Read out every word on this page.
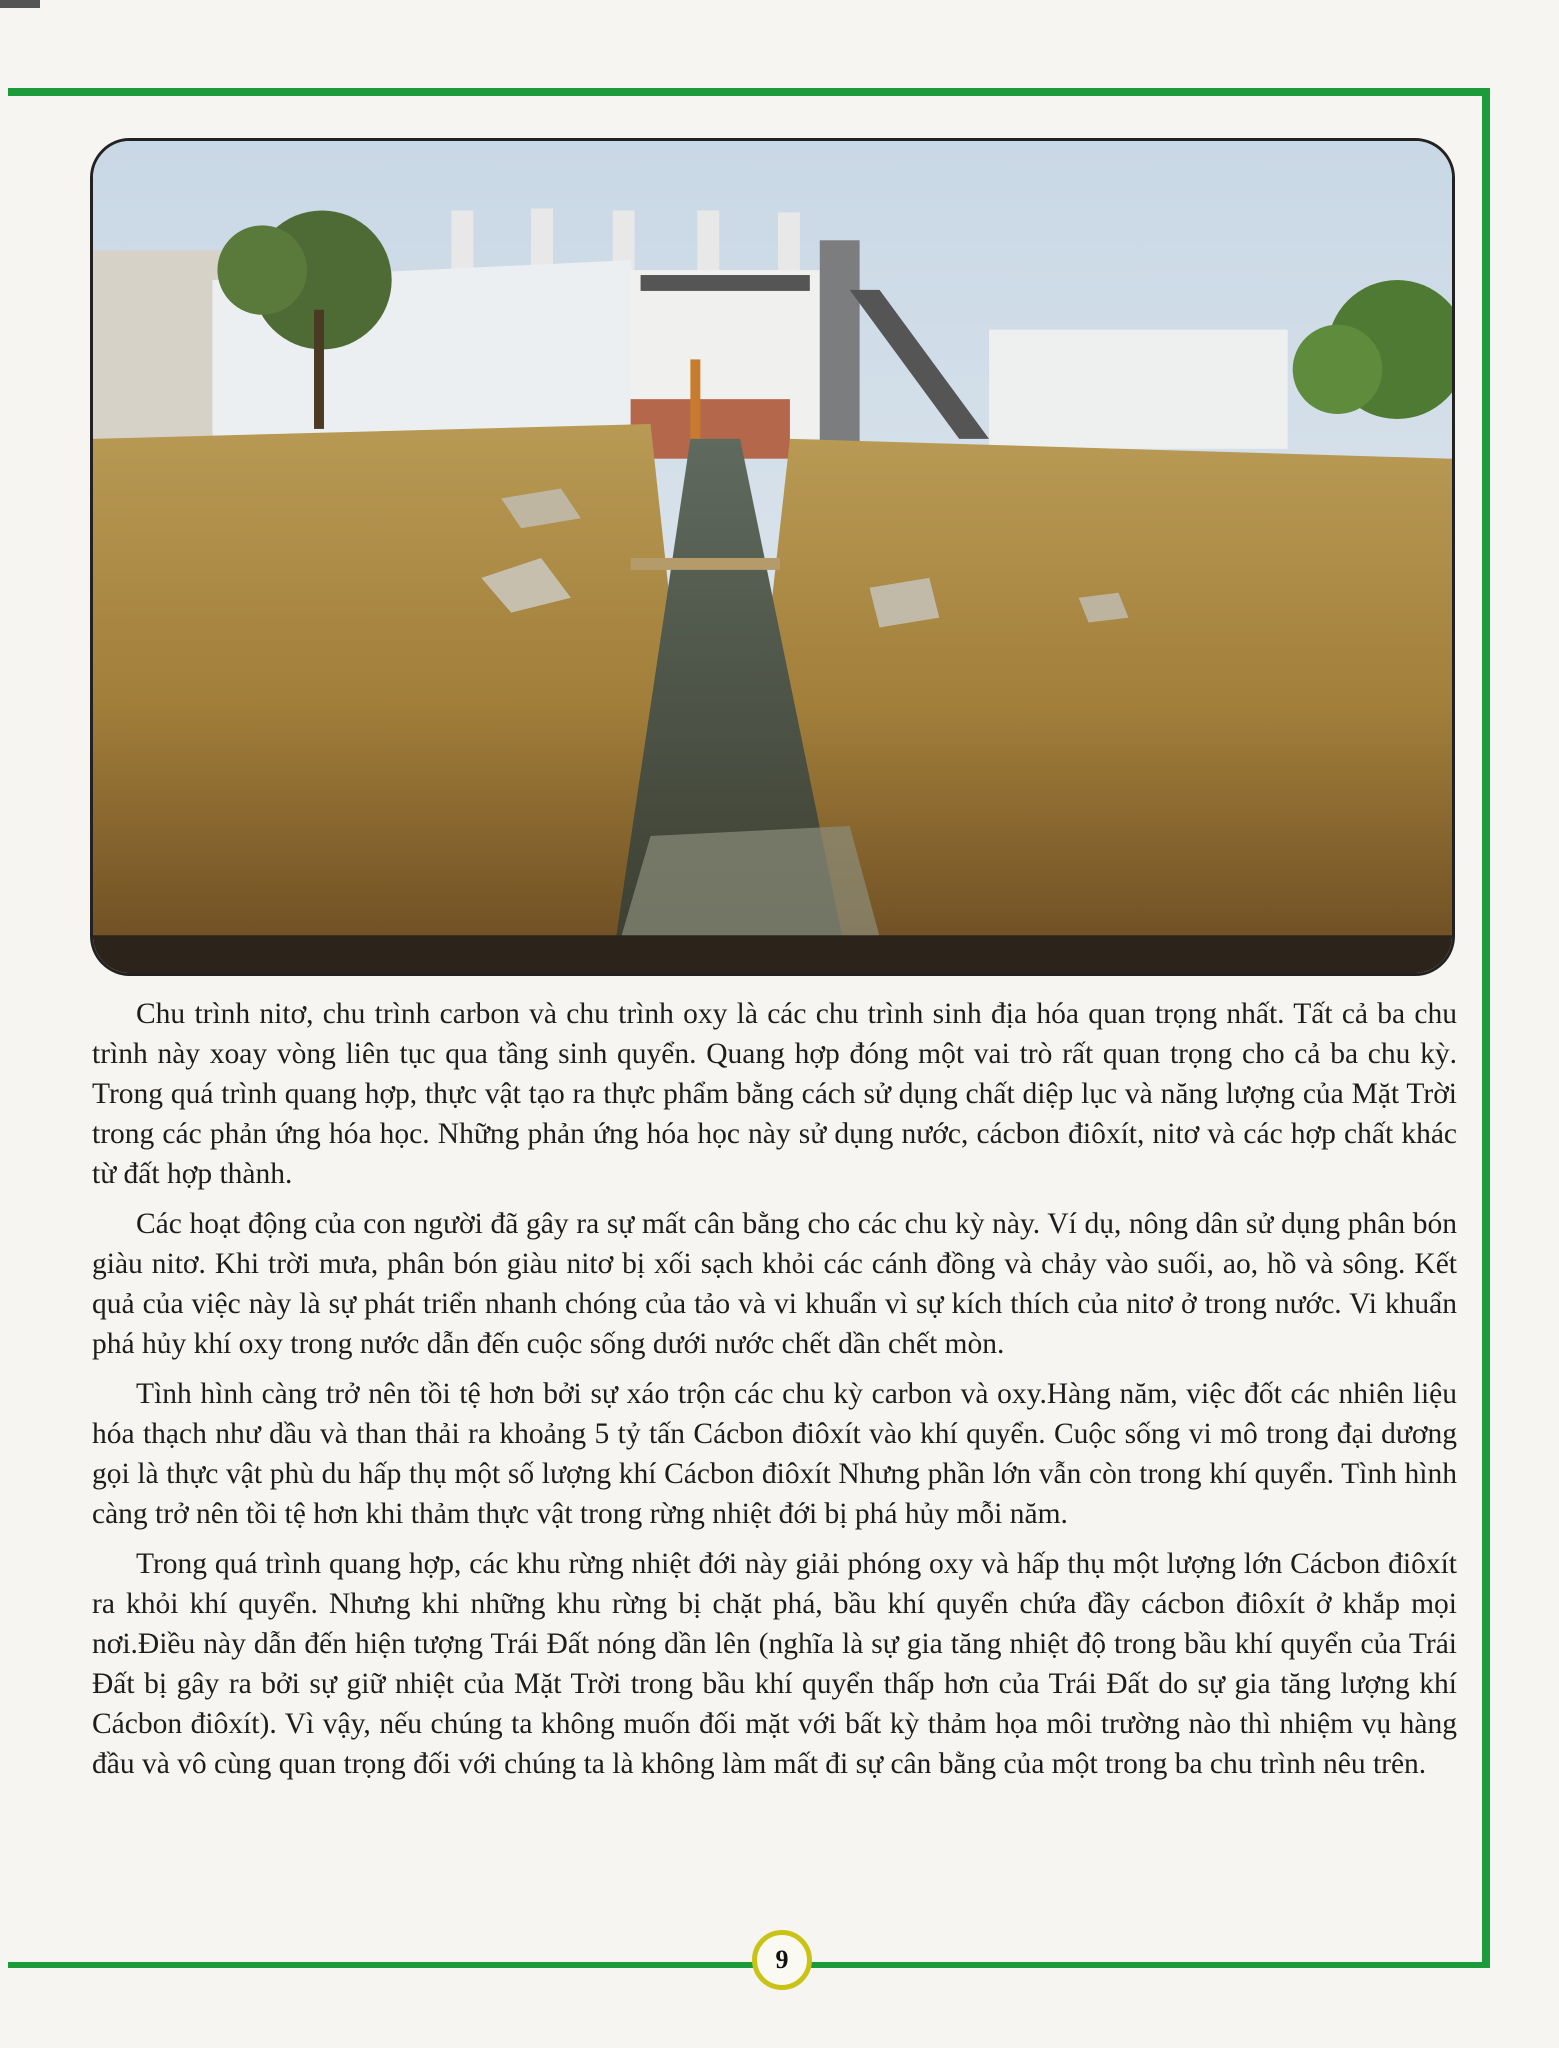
Chu trình nitơ, chu trình carbon và chu trình oxy là các chu trình sinh địa hóa quan trọng nhất. Tất cả ba chu trình này xoay vòng liên tục qua tầng sinh quyển. Quang hợp đóng một vai trò rất quan trọng cho cả ba chu kỳ. Trong quá trình quang hợp, thực vật tạo ra thực phẩm bằng cách sử dụng chất diệp lục và năng lượng của Mặt Trời trong các phản ứng hóa học. Những phản ứng hóa học này sử dụng nước, cácbon điôxít, nitơ và các hợp chất khác từ đất hợp thành.

Các hoạt động của con người đã gây ra sự mất cân bằng cho các chu kỳ này. Ví dụ, nông dân sử dụng phân bón giàu nitơ. Khi trời mưa, phân bón giàu nitơ bị xối sạch khỏi các cánh đồng và chảy vào suối, ao, hồ và sông. Kết quả của việc này là sự phát triển nhanh chóng của tảo và vi khuẩn vì sự kích thích của nitơ ở trong nước. Vi khuẩn phá hủy khí oxy trong nước dẫn đến cuộc sống dưới nước chết dần chết mòn.

Tình hình càng trở nên tồi tệ hơn bởi sự xáo trộn các chu kỳ carbon và oxy.Hàng năm, việc đốt các nhiên liệu hóa thạch như dầu và than thải ra khoảng 5 tỷ tấn Cácbon điôxít vào khí quyển. Cuộc sống vi mô trong đại dương gọi là thực vật phù du hấp thụ một số lượng khí Cácbon điôxít Nhưng phần lớn vẫn còn trong khí quyển. Tình hình càng trở nên tồi tệ hơn khi thảm thực vật trong rừng nhiệt đới bị phá hủy mỗi năm.

Trong quá trình quang hợp, các khu rừng nhiệt đới này giải phóng oxy và hấp thụ một lượng lớn Cácbon điôxít ra khỏi khí quyển. Nhưng khi những khu rừng bị chặt phá, bầu khí quyển chứa đầy cácbon điôxít ở khắp mọi nơi.Điều này dẫn đến hiện tượng Trái Đất nóng dần lên (nghĩa là sự gia tăng nhiệt độ trong bầu khí quyển của Trái Đất bị gây ra bởi sự giữ nhiệt của Mặt Trời trong bầu khí quyển thấp hơn của Trái Đất do sự gia tăng lượng khí Cácbon điôxít). Vì vậy, nếu chúng ta không muốn đối mặt với bất kỳ thảm họa môi trường nào thì nhiệm vụ hàng đầu và vô cùng quan trọng đối với chúng ta là không làm mất đi sự cân bằng của một trong ba chu trình nêu trên.

9
